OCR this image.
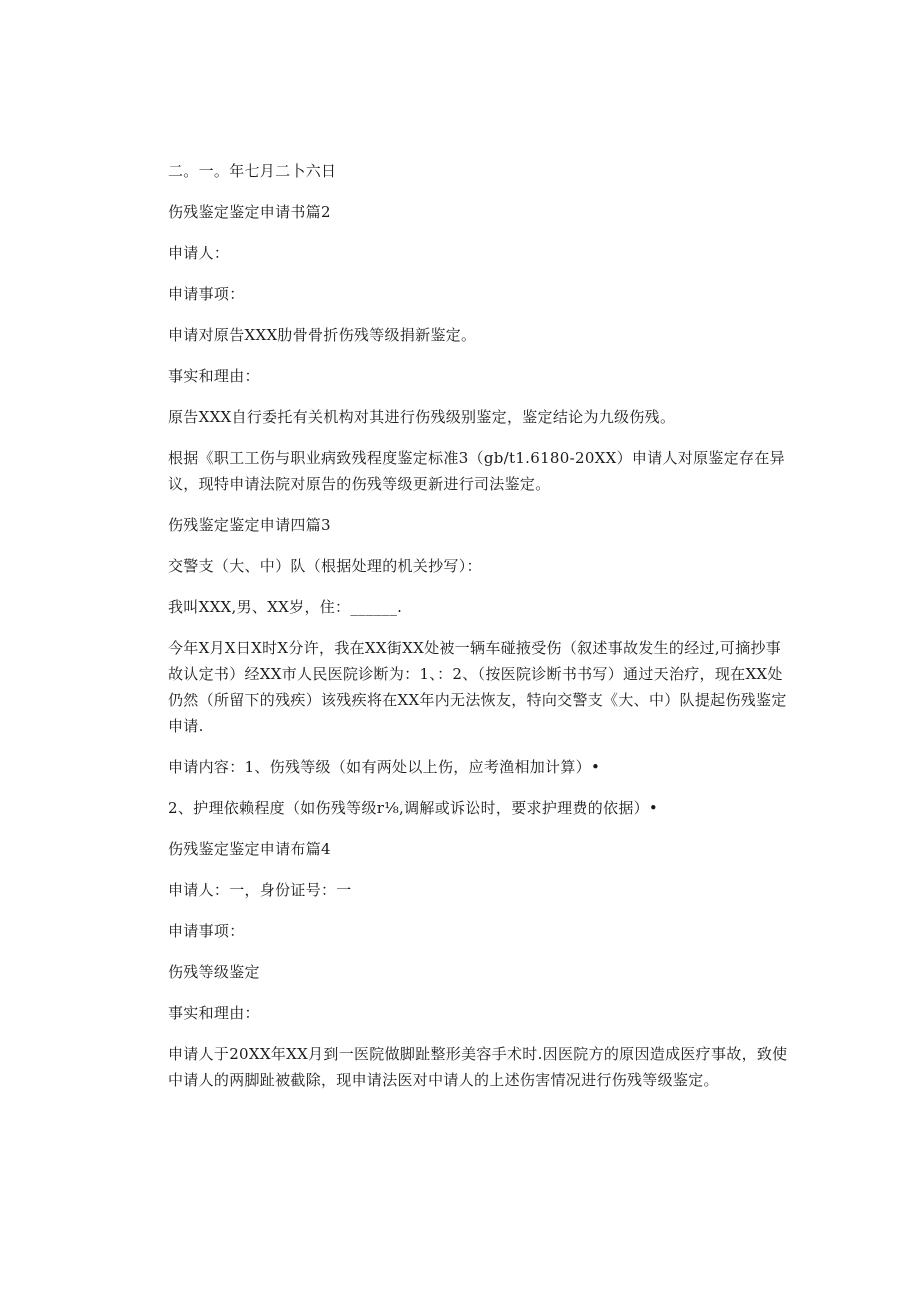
二。一。年七月二卜六日

伤残鉴定鉴定申请书篇2

申请人：

申请事项：

申请对原告XXX肋骨骨折伤残等级捐新鉴定。

事实和理由：

原告XXX自行委托有关机构对其进行伤残级别鉴定，鉴定结论为九级伤残。

根据《职工工伤与职业病致残程度鉴定标准3（gb/t1.6180-20XX）申请人对原鉴定存在异议，现特申请法院对原告的伤残等级更新进行司法鉴定。

伤残鉴定鉴定申请四篇3

交警支（大、中）队（根据处理的机关抄写）：

我叫XXX,男、XX岁，住：______.

今年X月X日X时X分许，我在XX街XX处被一辆车碰掖受伤（叙述事故发生的经过,可摘抄事故认定书）经XX市人民医院诊断为：1、：2、（按医院诊断书书写）通过天治疗，现在XX处仍然（所留下的残疾）该残疾将在XX年内无法恢友，特向交警支《大、中）队提起伤残鉴定申请.

申请内容：1、伤残等级（如有两处以上伤，应考渔相加计算）•

2、护理依赖程度（如伤残等级r⅛,调解或诉讼时，要求护理费的依据）•

伤残鉴定鉴定申请布篇4

申请人：一，身份证号：一

申请事项：

伤残等级鉴定

事实和理由：

申请人于20XX年XX月到一医院做脚趾整形美容手术时.因医院方的原因造成医疗事故，致使中请人的两脚趾被截除，现申请法医对中请人的上述伤害情况进行伤残等级鉴定。
